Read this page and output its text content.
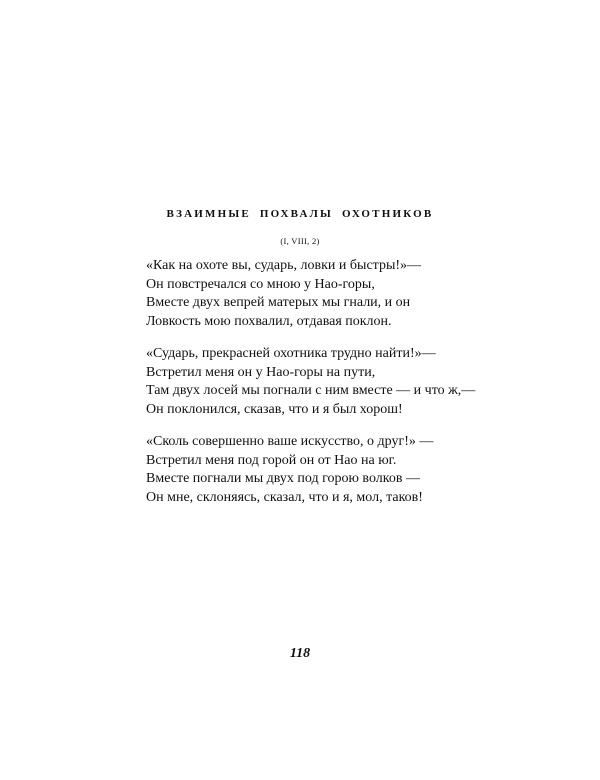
ВЗАИМНЫЕ ПОХВАЛЫ ОХОТНИКОВ
(I, VIII, 2)
«Как на охоте вы, сударь, ловки и быстры!»—
Он повстречался со мною у Нао-горы,
Вместе двух вепрей матерых мы гнали, и он
Ловкость мою похвалил, отдавая поклон.
«Сударь, прекрасней охотника трудно найти!»—
Встретил меня он у Нао-горы на пути,
Там двух лосей мы погнали с ним вместе — и что ж,—
Он поклонился, сказав, что и я был хорош!
«Сколь совершенно ваше искусство, о друг!» —
Встретил меня под горой он от Нао на юг.
Вместе погнали мы двух под горою волков —
Он мне, склоняясь, сказал, что и я, мол, таков!
118
